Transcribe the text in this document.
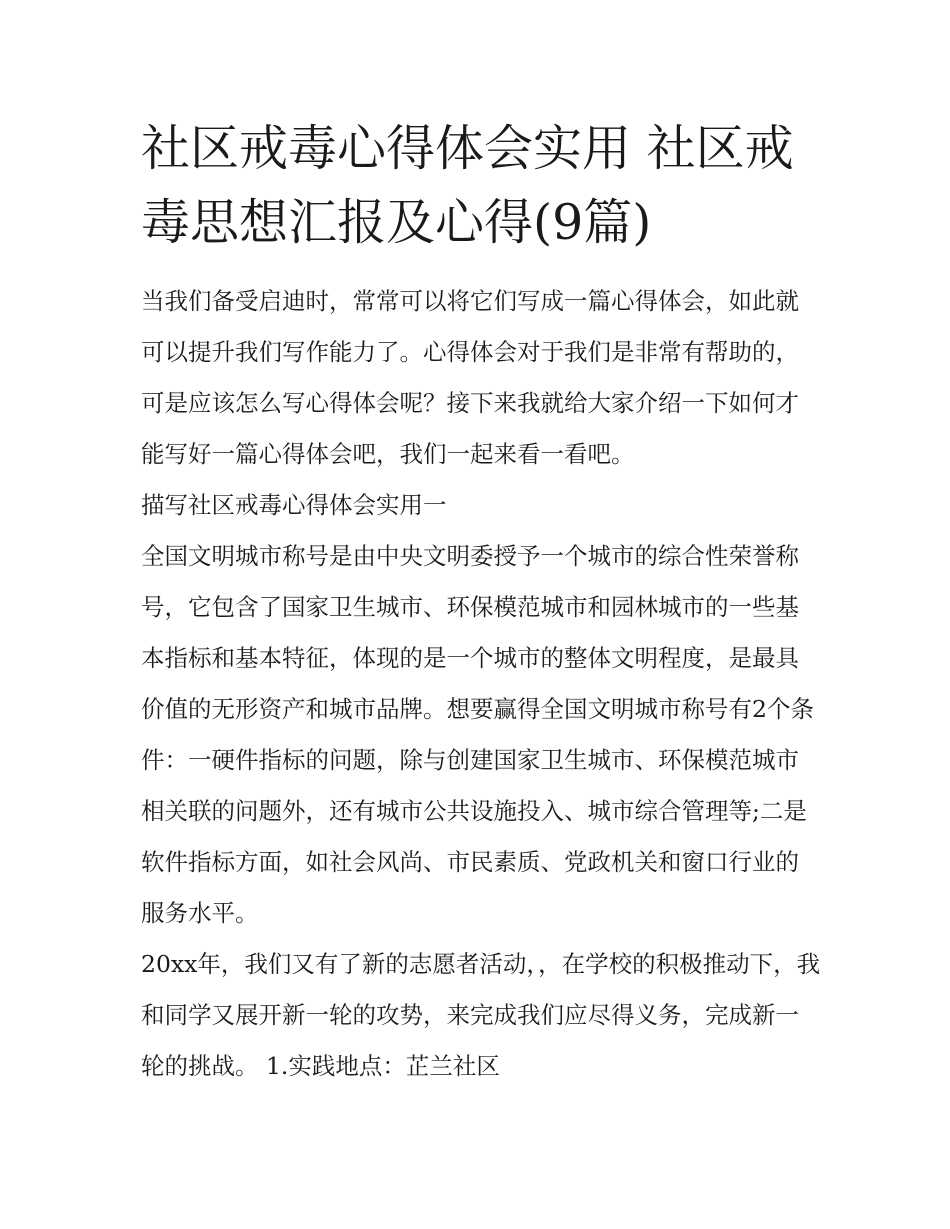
社区戒毒心得体会实用 社区戒毒思想汇报及心得(9篇)

当我们备受启迪时，常常可以将它们写成一篇心得体会，如此就可以提升我们写作能力了。心得体会对于我们是非常有帮助的，可是应该怎么写心得体会呢？接下来我就给大家介绍一下如何才能写好一篇心得体会吧，我们一起来看一看吧。

描写社区戒毒心得体会实用一

全国文明城市称号是由中央文明委授予一个城市的综合性荣誉称号，它包含了国家卫生城市、环保模范城市和园林城市的一些基本指标和基本特征，体现的是一个城市的整体文明程度，是最具价值的无形资产和城市品牌。想要赢得全国文明城市称号有2个条件：一硬件指标的问题，除与创建国家卫生城市、环保模范城市相关联的问题外，还有城市公共设施投入、城市综合管理等;二是软件指标方面，如社会风尚、市民素质、党政机关和窗口行业的服务水平。

20xx年，我们又有了新的志愿者活动，，在学校的积极推动下，我和同学又展开新一轮的攻势，来完成我们应尽得义务，完成新一轮的挑战。 1.实践地点：芷兰社区
